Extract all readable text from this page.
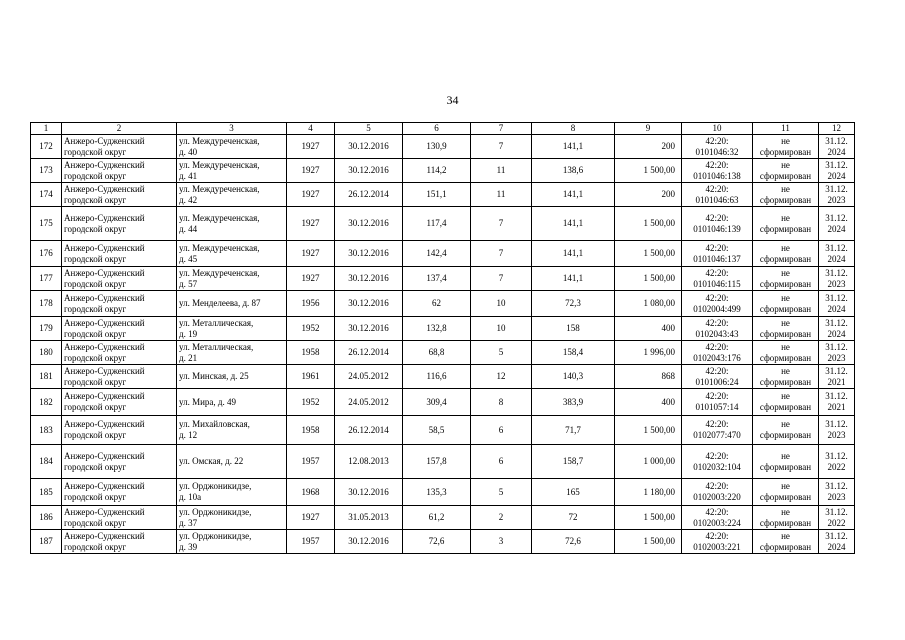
34
1	2	3	4	5	6	7	8	9	10	11	12
172	Анжеро-Судженский
городской округ	ул. Междуреченская,
д. 40	1927	30.12.2016	130,9	7	141,1	200	42:20:
0101046:32	не
сформирован	31.12.
2024

173	Анжеро-Судженский
городской округ	ул. Междуреченская,
д. 41	1927	30.12.2016	114,2	11	138,6	1 500,00	42:20:
0101046:138	не
сформирован	31.12.
2024

174	Анжеро-Судженский
городской округ	ул. Междуреченская,
д. 42	1927	26.12.2014	151,1	11	141,1	200	42:20:
0101046:63	не
сформирован	31.12.
2023

175	Анжеро-Судженский
городской округ	ул. Междуреченская,
д. 44	1927	30.12.2016	117,4	7	141,1	1 500,00	42:20:
0101046:139	не
сформирован	31.12.
2024

176	Анжеро-Судженский
городской округ	ул. Междуреченская,
д. 45	1927	30.12.2016	142,4	7	141,1	1 500,00	42:20:
0101046:137	не
сформирован	31.12.
2024

177	Анжеро-Судженский
городской округ	ул. Междуреченская,
д. 57	1927	30.12.2016	137,4	7	141,1	1 500,00	42:20:
0101046:115	не
сформирован	31.12.
2023

178	Анжеро-Судженский
городской округ	ул. Менделеева, д. 87	1956	30.12.2016	62	10	72,3	1 080,00	42:20:
0102004:499	не
сформирован	31.12.
2024

179	Анжеро-Судженский
городской округ	ул. Металлическая,
д. 19	1952	30.12.2016	132,8	10	158	400	42:20:
0102043:43	не
сформирован	31.12.
2024

180	Анжеро-Судженский
городской округ	ул. Металлическая,
д. 21	1958	26.12.2014	68,8	5	158,4	1 996,00	42:20:
0102043:176	не
сформирован	31.12.
2023

181	Анжеро-Судженский
городской округ	ул. Минская, д. 25	1961	24.05.2012	116,6	12	140,3	868	42:20:
0101006:24	не
сформирован	31.12.
2021

182	Анжеро-Судженский
городской округ	ул. Мира, д. 49	1952	24.05.2012	309,4	8	383,9	400	42:20:
0101057:14	не
сформирован	31.12.
2021

183	Анжеро-Судженский
городской округ	ул. Михайловская,
д. 12	1958	26.12.2014	58,5	6	71,7	1 500,00	42:20:
0102077:470	не
сформирован	31.12.
2023

184	Анжеро-Судженский
городской округ	ул. Омская, д. 22	1957	12.08.2013	157,8	6	158,7	1 000,00	42:20:
0102032:104	не
сформирован	31.12.
2022

185	Анжеро-Судженский
городской округ	ул. Орджоникидзе,
д. 10а	1968	30.12.2016	135,3	5	165	1 180,00	42:20:
0102003:220	не
сформирован	31.12.
2023

186	Анжеро-Судженский
городской округ	ул. Орджоникидзе,
д. 37	1927	31.05.2013	61,2	2	72	1 500,00	42:20:
0102003:224	не
сформирован	31.12.
2022

187	Анжеро-Судженский
городской округ	ул. Орджоникидзе,
д. 39	1957	30.12.2016	72,6	3	72,6	1 500,00	42:20:
0102003:221	не
сформирован	31.12.
2024
